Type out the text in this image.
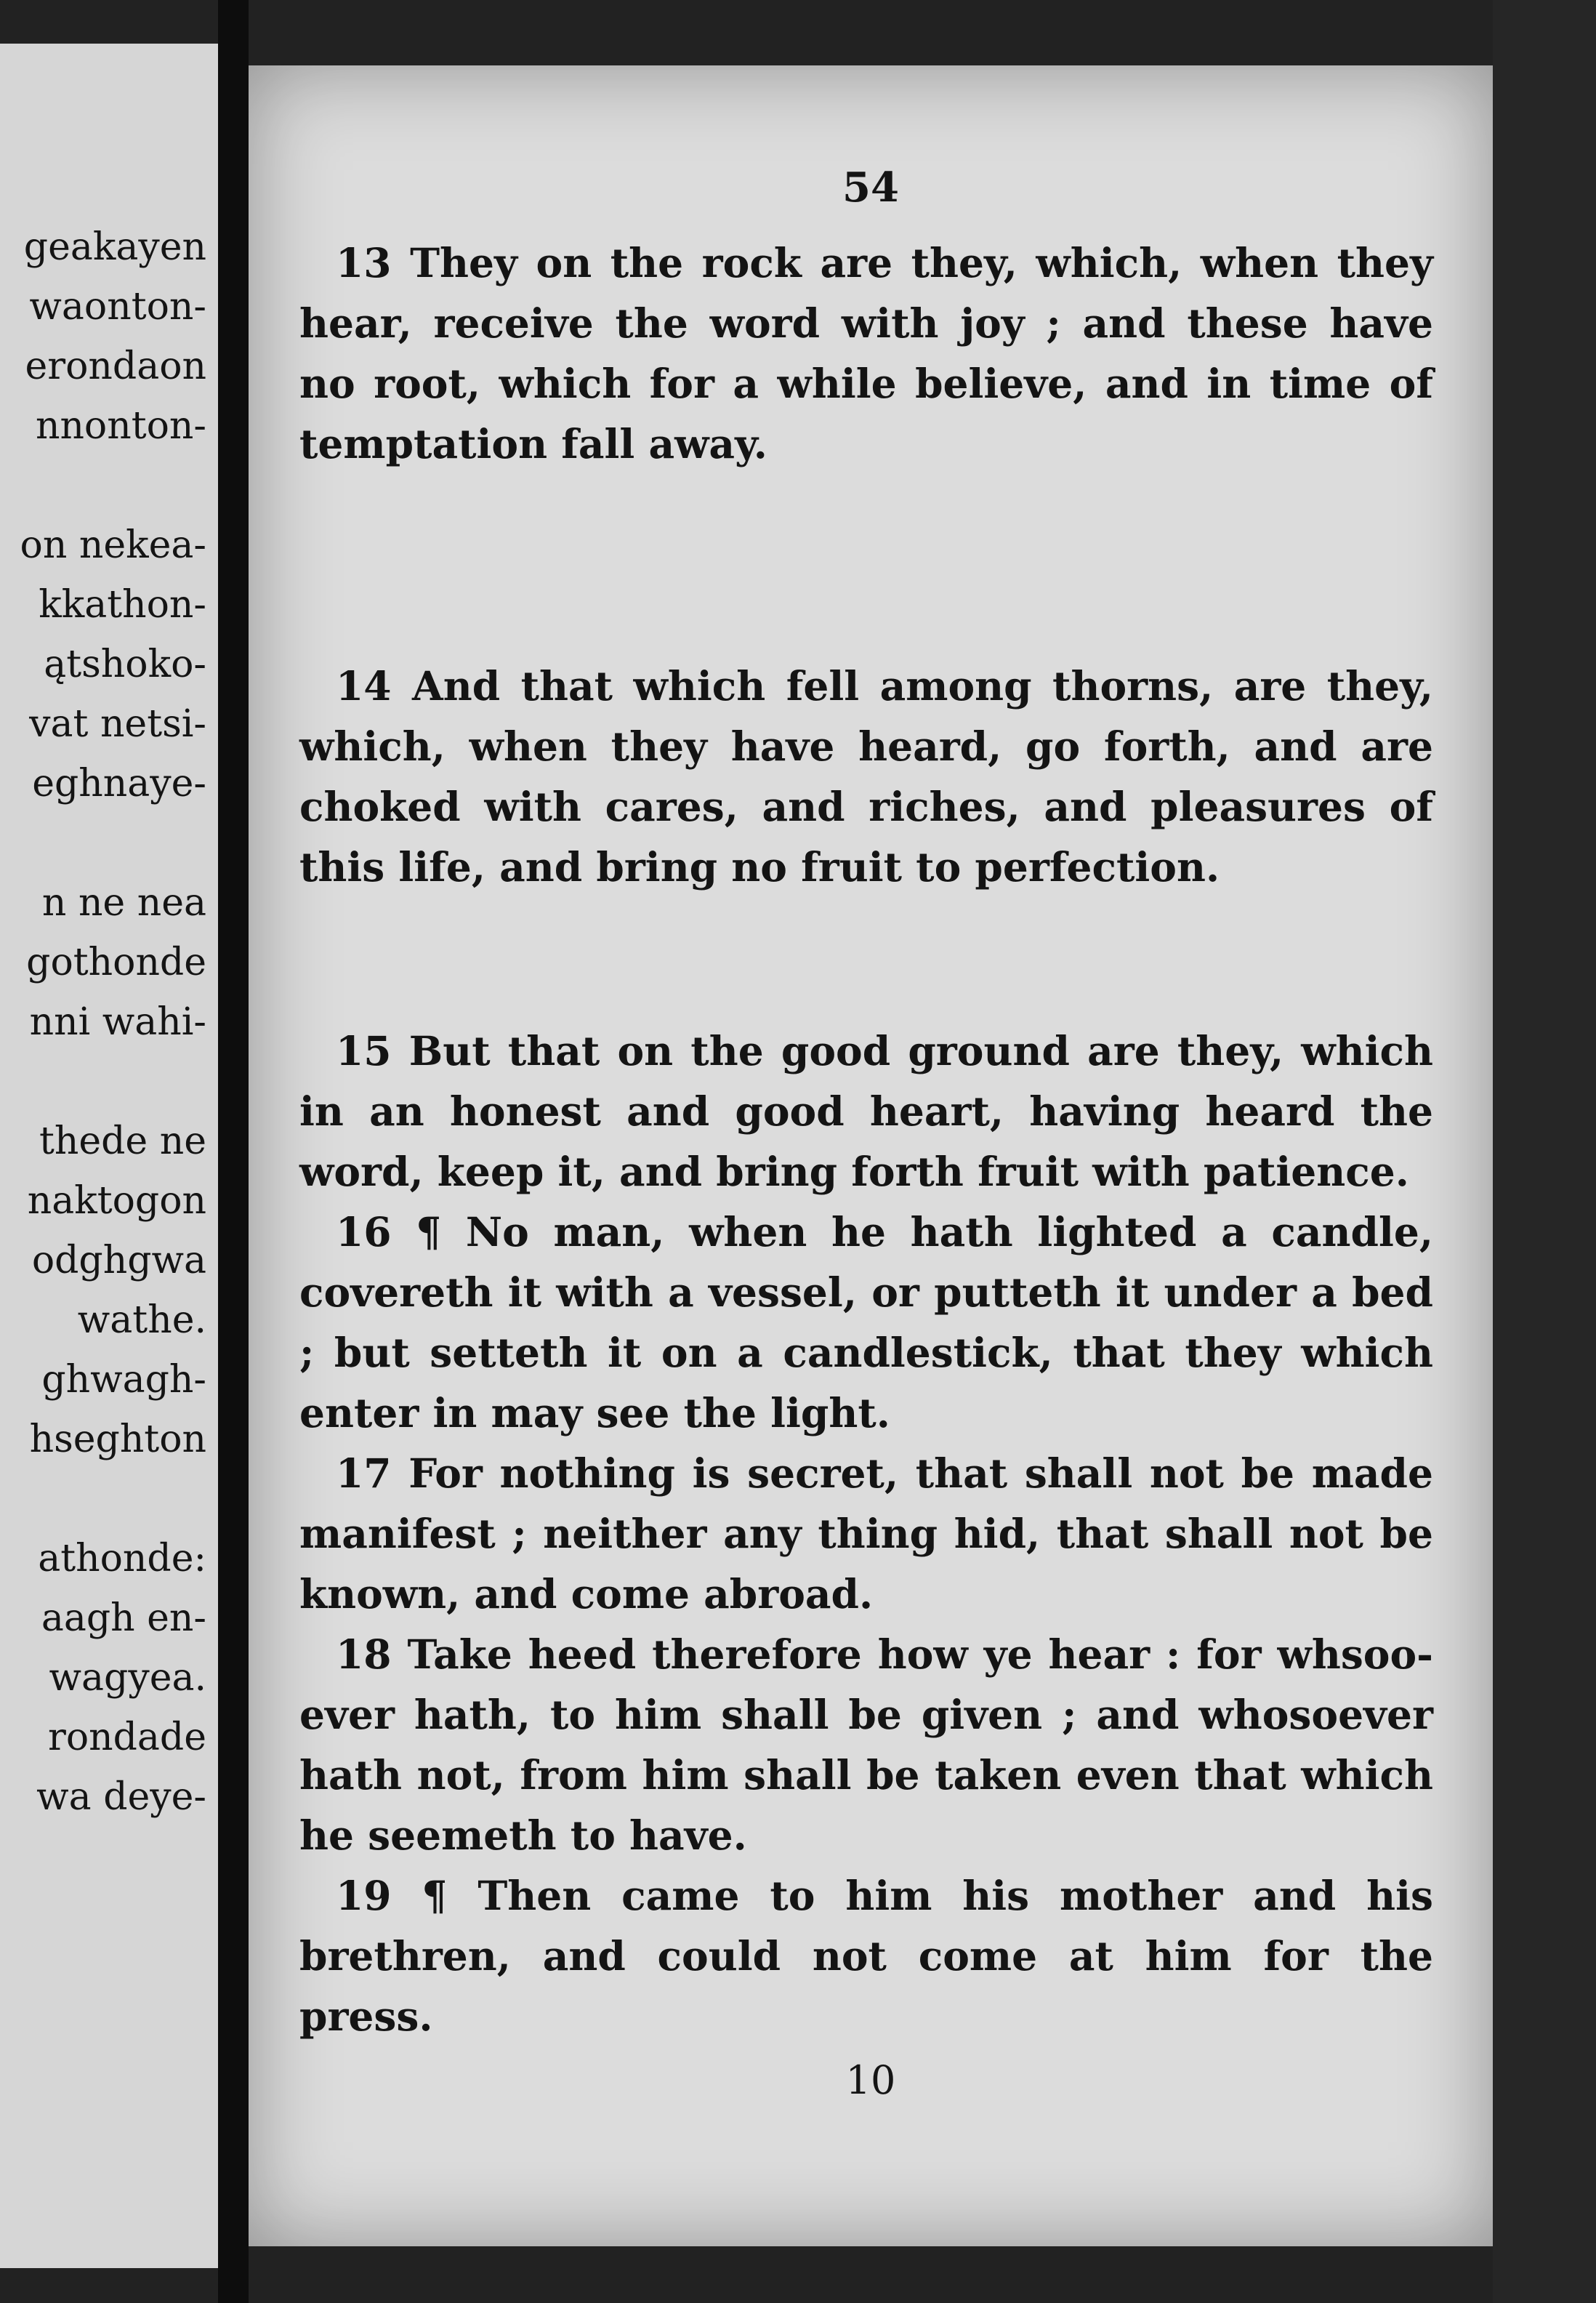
geakayen
waonton-
erondaon
nnonton-
on nekea-
kkathon-
ątshoko-
vat netsi-
eghnaye-
n ne nea
gothonde
nni wahi-
thede ne
naktogon
odghgwa
wathe.
ghwagh-
hseghton
athonde:
aagh en-
wagyea.
rondade
wa deye-
54

13 They on the rock are they, which, when they hear, receive the word with joy ; and these have no root, which for a while believe, and in time of temptation fall away.

14 And that which fell among thorns, are they, which, when they have heard, go forth, and are choked with cares, and riches, and pleasures of this life, and bring no fruit to perfection.

15 But that on the good ground are they, which in an honest and good heart, having heard the word, keep it, and bring forth fruit with patience.

16 ¶ No man, when he hath lighted a candle, covereth it with a vessel, or putteth it under a bed ; but setteth it on a candlestick, that they which enter in may see the light.

17 For nothing is secret, that shall not be made manifest ; neither any thing hid, that shall not be known, and come abroad.

18 Take heed therefore how ye hear : for whsoo-ever hath, to him shall be given ; and whosoever hath not, from him shall be taken even that which he seemeth to have.

19 ¶ Then came to him his mother and his brethren, and could not come at him for the press.

10
